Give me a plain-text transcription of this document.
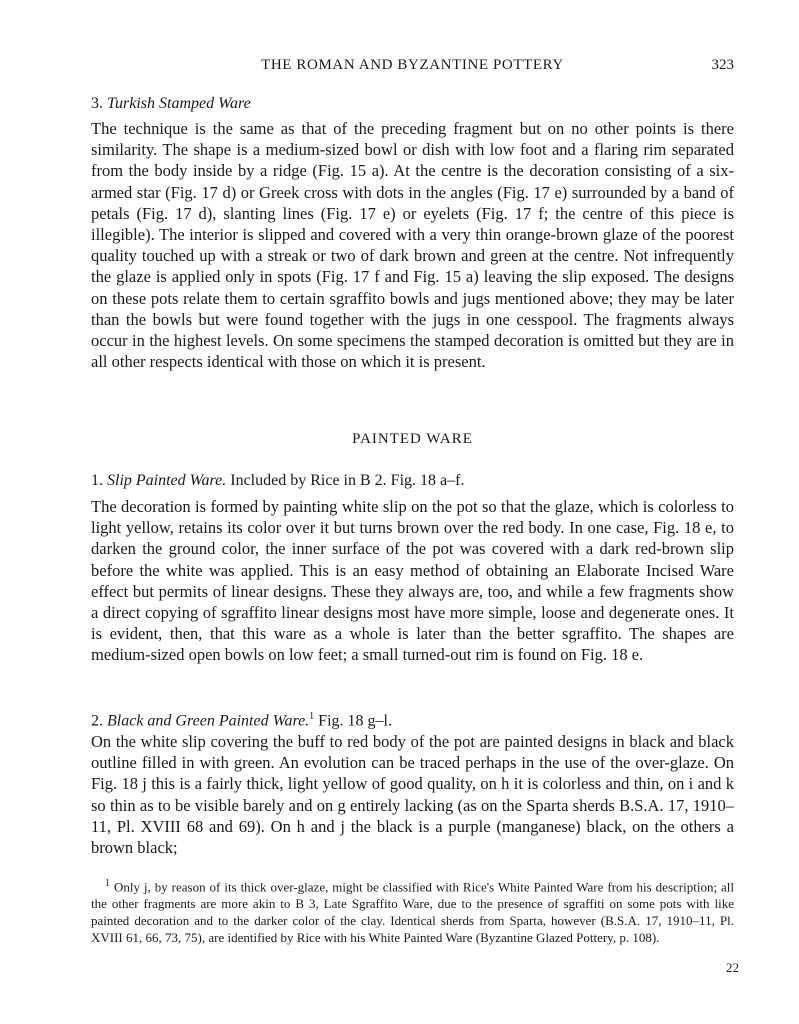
THE ROMAN AND BYZANTINE POTTERY	323
3. Turkish Stamped Ware

The technique is the same as that of the preceding fragment but on no other points is there similarity. The shape is a medium-sized bowl or dish with low foot and a flaring rim separated from the body inside by a ridge (Fig. 15 a). At the centre is the decoration consisting of a six-armed star (Fig. 17 d) or Greek cross with dots in the angles (Fig. 17 e) surrounded by a band of petals (Fig. 17 d), slanting lines (Fig. 17 e) or eyelets (Fig. 17 f; the centre of this piece is illegible). The interior is slipped and covered with a very thin orange-brown glaze of the poorest quality touched up with a streak or two of dark brown and green at the centre. Not infrequently the glaze is applied only in spots (Fig. 17 f and Fig. 15 a) leaving the slip exposed. The designs on these pots relate them to certain sgraffito bowls and jugs mentioned above; they may be later than the bowls but were found together with the jugs in one cesspool. The fragments always occur in the highest levels. On some specimens the stamped decoration is omitted but they are in all other respects identical with those on which it is present.

PAINTED WARE
1. Slip Painted Ware. Included by Rice in B 2. Fig. 18 a–f.

The decoration is formed by painting white slip on the pot so that the glaze, which is colorless to light yellow, retains its color over it but turns brown over the red body. In one case, Fig. 18 e, to darken the ground color, the inner surface of the pot was covered with a dark red-brown slip before the white was applied. This is an easy method of obtaining an Elaborate Incised Ware effect but permits of linear designs. These they always are, too, and while a few fragments show a direct copying of sgraffito linear designs most have more simple, loose and degenerate ones. It is evident, then, that this ware as a whole is later than the better sgraffito. The shapes are medium-sized open bowls on low feet; a small turned-out rim is found on Fig. 18 e.

2. Black and Green Painted Ware.$^1$ Fig. 18 g–l.

On the white slip covering the buff to red body of the pot are painted designs in black and black outline filled in with green. An evolution can be traced perhaps in the use of the over-glaze. On Fig. 18 j this is a fairly thick, light yellow of good quality, on h it is colorless and thin, on i and k so thin as to be visible barely and on g entirely lacking (as on the Sparta sherds B.S.A. 17, 1910–11, Pl. XVIII 68 and 69). On h and j the black is a purple (manganese) black, on the others a brown black;

$^1$ Only j, by reason of its thick over-glaze, might be classified with Rice's White Painted Ware from his description; all the other fragments are more akin to B 3, Late Sgraffito Ware, due to the presence of sgraffiti on some pots with like painted decoration and to the darker color of the clay. Identical sherds from Sparta, however (B.S.A. 17, 1910–11, Pl. XVIII 61, 66, 73, 75), are identified by Rice with his White Painted Ware (Byzantine Glazed Pottery, p. 108).

22
